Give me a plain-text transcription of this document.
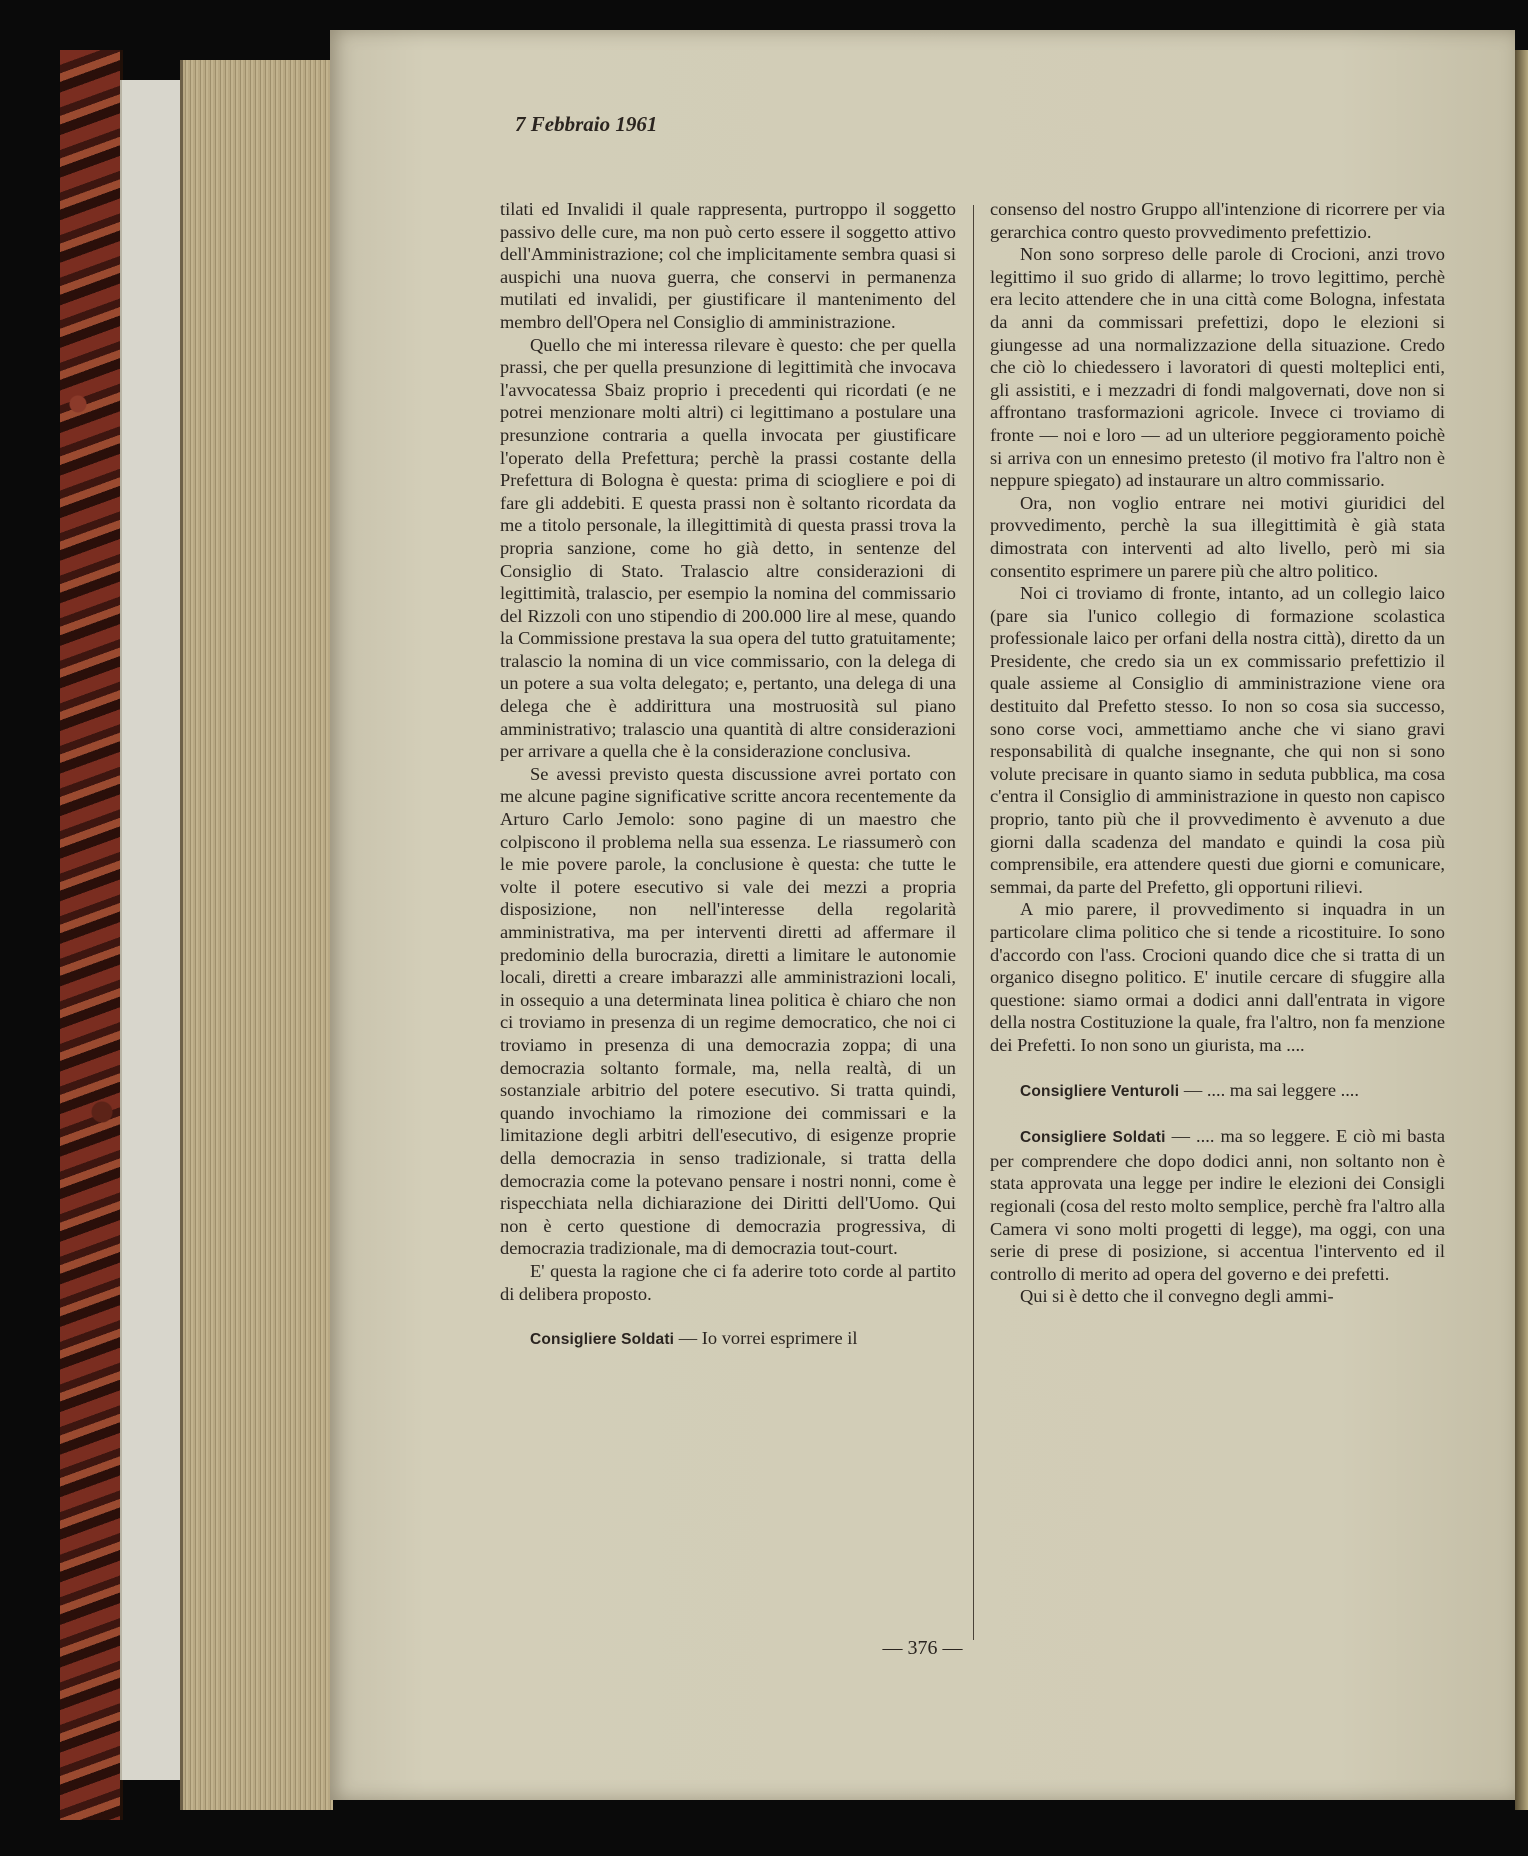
7 Febbraio 1961

tilati ed Invalidi il quale rappresenta, purtroppo il soggetto passivo delle cure, ma non può certo essere il soggetto attivo dell'Amministrazione; col che implicitamente sembra quasi si auspichi una nuova guerra, che conservi in permanenza mutilati ed invalidi, per giustificare il mantenimento del membro dell'Opera nel Consiglio di amministrazione.

Quello che mi interessa rilevare è questo: che per quella prassi, che per quella presunzione di legittimità che invocava l'avvocatessa Sbaiz proprio i precedenti qui ricordati (e ne potrei menzionare molti altri) ci legittimano a postulare una presunzione contraria a quella invocata per giustificare l'operato della Prefettura; perchè la prassi costante della Prefettura di Bologna è questa: prima di sciogliere e poi di fare gli addebiti. E questa prassi non è soltanto ricordata da me a titolo personale, la illegittimità di questa prassi trova la propria sanzione, come ho già detto, in sentenze del Consiglio di Stato. Tralascio altre considerazioni di legittimità, tralascio, per esempio la nomina del commissario del Rizzoli con uno stipendio di 200.000 lire al mese, quando la Commissione prestava la sua opera del tutto gratuitamente; tralascio la nomina di un vice commissario, con la delega di un potere a sua volta delegato; e, pertanto, una delega di una delega che è addirittura una mostruosità sul piano amministrativo; tralascio una quantità di altre considerazioni per arrivare a quella che è la considerazione conclusiva.

Se avessi previsto questa discussione avrei portato con me alcune pagine significative scritte ancora recentemente da Arturo Carlo Jemolo: sono pagine di un maestro che colpiscono il problema nella sua essenza. Le riassumerò con le mie povere parole, la conclusione è questa: che tutte le volte il potere esecutivo si vale dei mezzi a propria disposizione, non nell'interesse della regolarità amministrativa, ma per interventi diretti ad affermare il predominio della burocrazia, diretti a limitare le autonomie locali, diretti a creare imbarazzi alle amministrazioni locali, in ossequio a una determinata linea politica è chiaro che non ci troviamo in presenza di un regime democratico, che noi ci troviamo in presenza di una democrazia zoppa; di una democrazia soltanto formale, ma, nella realtà, di un sostanziale arbitrio del potere esecutivo. Si tratta quindi, quando invochiamo la rimozione dei commissari e la limitazione degli arbitri dell'esecutivo, di esigenze proprie della democrazia in senso tradizionale, si tratta della democrazia come la potevano pensare i nostri nonni, come è rispecchiata nella dichiarazione dei Diritti dell'Uomo. Qui non è certo questione di democrazia progressiva, di democrazia tradizionale, ma di democrazia tout-court.

E' questa la ragione che ci fa aderire toto corde al partito di delibera proposto.

Consigliere Soldati — Io vorrei esprimere il

consenso del nostro Gruppo all'intenzione di ricorrere per via gerarchica contro questo provvedimento prefettizio.

Non sono sorpreso delle parole di Crocioni, anzi trovo legittimo il suo grido di allarme; lo trovo legittimo, perchè era lecito attendere che in una città come Bologna, infestata da anni da commissari prefettizi, dopo le elezioni si giungesse ad una normalizzazione della situazione. Credo che ciò lo chiedessero i lavoratori di questi molteplici enti, gli assistiti, e i mezzadri di fondi malgovernati, dove non si affrontano trasformazioni agricole. Invece ci troviamo di fronte — noi e loro — ad un ulteriore peggioramento poichè si arriva con un ennesimo pretesto (il motivo fra l'altro non è neppure spiegato) ad instaurare un altro commissario.

Ora, non voglio entrare nei motivi giuridici del provvedimento, perchè la sua illegittimità è già stata dimostrata con interventi ad alto livello, però mi sia consentito esprimere un parere più che altro politico.

Noi ci troviamo di fronte, intanto, ad un collegio laico (pare sia l'unico collegio di formazione scolastica professionale laico per orfani della nostra città), diretto da un Presidente, che credo sia un ex commissario prefettizio il quale assieme al Consiglio di amministrazione viene ora destituito dal Prefetto stesso. Io non so cosa sia successo, sono corse voci, ammettiamo anche che vi siano gravi responsabilità di qualche insegnante, che qui non si sono volute precisare in quanto siamo in seduta pubblica, ma cosa c'entra il Consiglio di amministrazione in questo non capisco proprio, tanto più che il provvedimento è avvenuto a due giorni dalla scadenza del mandato e quindi la cosa più comprensibile, era attendere questi due giorni e comunicare, semmai, da parte del Prefetto, gli opportuni rilievi.

A mio parere, il provvedimento si inquadra in un particolare clima politico che si tende a ricostituire. Io sono d'accordo con l'ass. Crocioni quando dice che si tratta di un organico disegno politico. E' inutile cercare di sfuggire alla questione: siamo ormai a dodici anni dall'entrata in vigore della nostra Costituzione la quale, fra l'altro, non fa menzione dei Prefetti. Io non sono un giurista, ma ....

Consigliere Venturoli — .... ma sai leggere ....

Consigliere Soldati — .... ma so leggere. E ciò mi basta per comprendere che dopo dodici anni, non soltanto non è stata approvata una legge per indire le elezioni dei Consigli regionali (cosa del resto molto semplice, perchè fra l'altro alla Camera vi sono molti progetti di legge), ma oggi, con una serie di prese di posizione, si accentua l'intervento ed il controllo di merito ad opera del governo e dei prefetti.

Qui si è detto che il convegno degli ammi-

— 376 —
